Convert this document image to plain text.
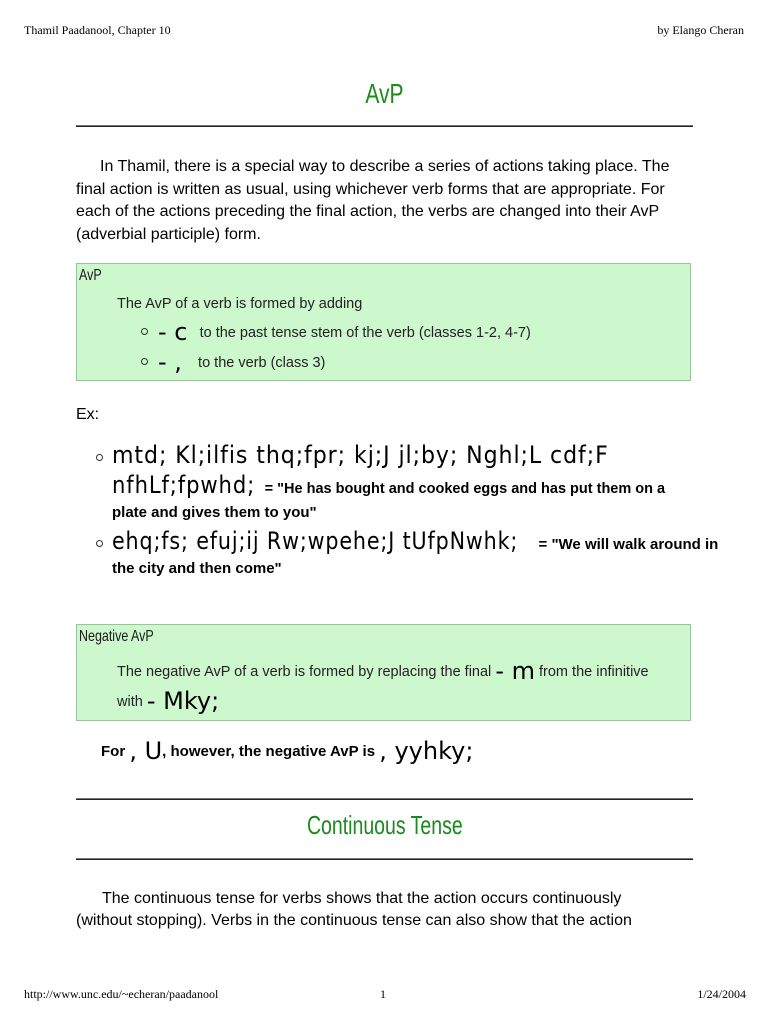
Thamil Paadanool, Chapter 10	by Elango Cheran
AvP
In Thamil, there is a special way to describe a series of actions taking place. The final action is written as usual, using whichever verb forms that are appropriate. For each of the actions preceding the final action, the verbs are changed into their AvP (adverbial participle) form.
AvP
The AvP of a verb is formed by adding
- c to the past tense stem of the verb (classes 1-2, 4-7)
- , to the verb (class 3)
Ex:
mtd; Kl;ilfis thq;fpr; kj;J jl;by; Nghl;L cdf;F
nfhLf;fpwhd; = "He has bought and cooked eggs and has put them on a
plate and gives them to you"
ehq;fs; efuj;ij Rw;wpehe;J tUfpNwhk; = "We will walk around in
the city and then come"
Negative AvP
The negative AvP of a verb is formed by replacing the final - m from the infinitive
with - Mky;
For , U, however, the negative AvP is , yyhky;
Continuous Tense
The continuous tense for verbs shows that the action occurs continuously
(without stopping). Verbs in the continuous tense can also show that the action
http://www.unc.edu/~echeran/paadanool	1	1/24/2004
